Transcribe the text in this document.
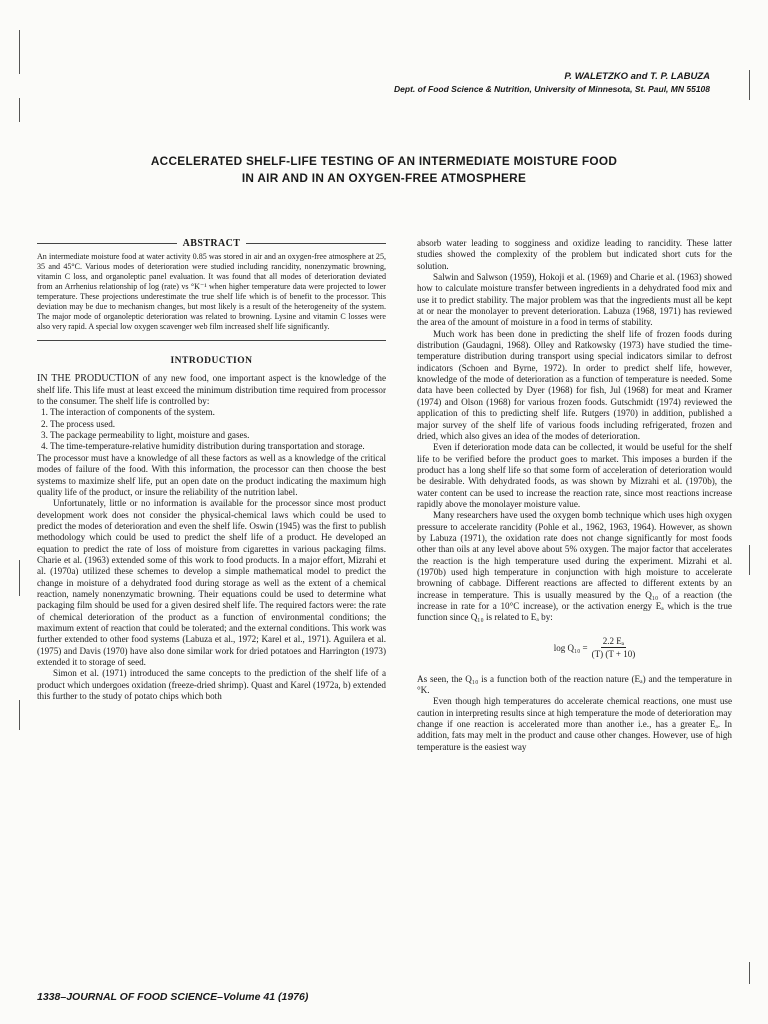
P. WALETZKO and T. P. LABUZA
Dept. of Food Science & Nutrition, University of Minnesota, St. Paul, MN 55108
ACCELERATED SHELF-LIFE TESTING OF AN INTERMEDIATE MOISTURE FOOD
IN AIR AND IN AN OXYGEN-FREE ATMOSPHERE
ABSTRACT

An intermediate moisture food at water activity 0.85 was stored in air and an oxygen-free atmosphere at 25, 35 and 45°C. Various modes of deterioration were studied including rancidity, nonenzymatic browning, vitamin C loss, and organoleptic panel evaluation. It was found that all modes of deterioration deviated from an Arrhenius relationship of log (rate) vs °K⁻¹ when higher temperature data were projected to lower temperature. These projections underestimate the true shelf life which is of benefit to the processor. This deviation may be due to mechanism changes, but most likely is a result of the heterogeneity of the system. The major mode of organoleptic deterioration was related to browning. Lysine and vitamin C losses were also very rapid. A special low oxygen scavenger web film increased shelf life significantly.

INTRODUCTION

IN THE PRODUCTION of any new food, one important aspect is the knowledge of the shelf life. This life must at least exceed the minimum distribution time required from processor to the consumer. The shelf life is controlled by:

1. The interaction of components of the system.
2. The process used.
3. The package permeability to light, moisture and gases.
4. The time-temperature-relative humidity distribution during transportation and storage.

The processor must have a knowledge of all these factors as well as a knowledge of the critical modes of failure of the food. With this information, the processor can then choose the best systems to maximize shelf life, put an open date on the product indicating the maximum high quality life of the product, or insure the reliability of the nutrition label.

Unfortunately, little or no information is available for the processor since most product development work does not consider the physical-chemical laws which could be used to predict the modes of deterioration and even the shelf life. Oswin (1945) was the first to publish methodology which could be used to predict the shelf life of a product. He developed an equation to predict the rate of loss of moisture from cigarettes in various packaging films. Charie et al. (1963) extended some of this work to food products. In a major effort, Mizrahi et al. (1970a) utilized these schemes to develop a simple mathematical model to predict the change in moisture of a dehydrated food during storage as well as the extent of a chemical reaction, namely nonenzymatic browning. Their equations could be used to determine what packaging film should be used for a given desired shelf life. The required factors were: the rate of chemical deterioration of the product as a function of environmental conditions; the maximum extent of reaction that could be tolerated; and the external conditions. This work was further extended to other food systems (Labuza et al., 1972; Karel et al., 1971). Aguilera et al. (1975) and Davis (1970) have also done similar work for dried potatoes and Harrington (1973) extended it to storage of seed.

Simon et al. (1971) introduced the same concepts to the prediction of the shelf life of a product which undergoes oxidation (freeze-dried shrimp). Quast and Karel (1972a, b) extended this further to the study of potato chips which both

absorb water leading to sogginess and oxidize leading to rancidity. These latter studies showed the complexity of the problem but indicated short cuts for the solution.

Salwin and Salwson (1959), Hokoji et al. (1969) and Charie et al. (1963) showed how to calculate moisture transfer between ingredients in a dehydrated food mix and use it to predict stability. The major problem was that the ingredients must all be kept at or near the monolayer to prevent deterioration. Labuza (1968, 1971) has reviewed the area of the amount of moisture in a food in terms of stability.

Much work has been done in predicting the shelf life of frozen foods during distribution (Gaudagni, 1968). Olley and Ratkowsky (1973) have studied the time-temperature distribution during transport using special indicators similar to defrost indicators (Schoen and Byrne, 1972). In order to predict shelf life, however, knowledge of the mode of deterioration as a function of temperature is needed. Some data have been collected by Dyer (1968) for fish, Jul (1968) for meat and Kramer (1974) and Olson (1968) for various frozen foods. Gutschmidt (1974) reviewed the application of this to predicting shelf life. Rutgers (1970) in addition, published a major survey of the shelf life of various foods including refrigerated, frozen and dried, which also gives an idea of the modes of deterioration.

Even if deterioration mode data can be collected, it would be useful for the shelf life to be verified before the product goes to market. This imposes a burden if the product has a long shelf life so that some form of acceleration of deterioration would be desirable. With dehydrated foods, as was shown by Mizrahi et al. (1970b), the water content can be used to increase the reaction rate, since most reactions increase rapidly above the monolayer moisture value.

Many researchers have used the oxygen bomb technique which uses high oxygen pressure to accelerate rancidity (Pohle et al., 1962, 1963, 1964). However, as shown by Labuza (1971), the oxidation rate does not change significantly for most foods other than oils at any level above about 5% oxygen. The major factor that accelerates the reaction is the high temperature used during the experiment. Mizrahi et al. (1970b) used high temperature in conjunction with high moisture to accelerate browning of cabbage. Different reactions are affected to different extents by an increase in temperature. This is usually measured by the Q₁₀ of a reaction (the increase in rate for a 10°C increase), or the activation energy Eₐ which is the true function since Q₁₀ is related to Eₐ by:

$\log Q_{10} = \frac{\text{2.2 Eₐ}}{(T) (T + 10)}$

As seen, the Q₁₀ is a function both of the reaction nature (Eₐ) and the temperature in °K.

Even though high temperatures do accelerate chemical reactions, one must use caution in interpreting results since at high temperature the mode of deterioration may change if one reaction is accelerated more than another i.e., has a greater Eₐ. In addition, fats may melt in the product and cause other changes. However, use of high temperature is the easiest way

1338–JOURNAL OF FOOD SCIENCE–Volume 41 (1976)
